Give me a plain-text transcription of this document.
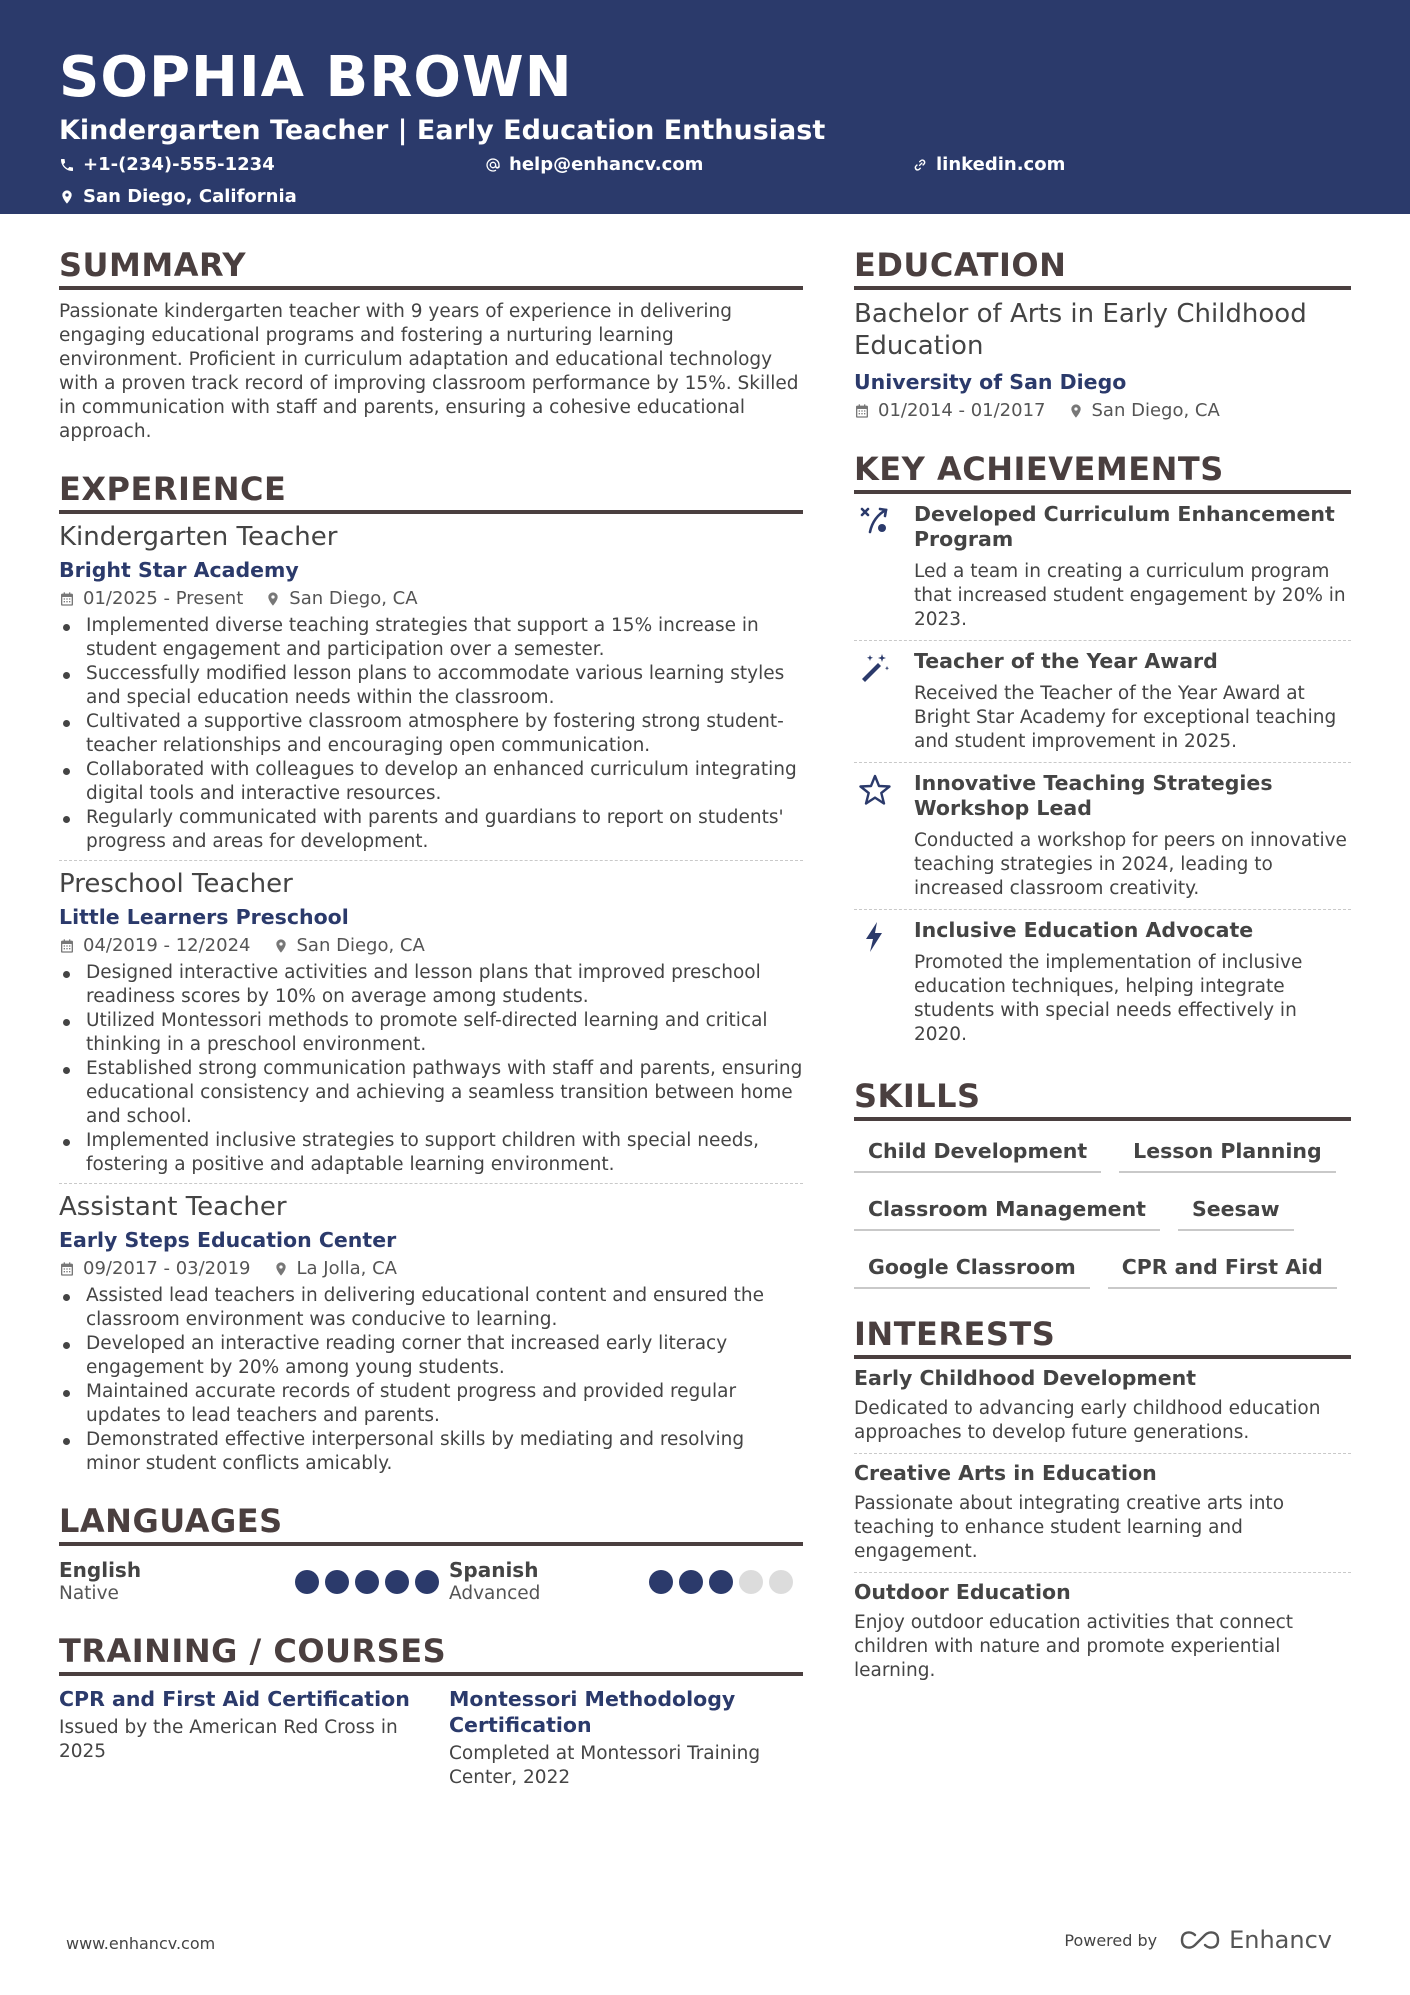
SOPHIA BROWN
Kindergarten Teacher | Early Education Enthusiast
+1-(234)-555-1234	help@enhancv.com	linkedin.com
San Diego, California
SUMMARY
Passionate kindergarten teacher with 9 years of experience in delivering engaging educational programs and fostering a nurturing learning environment. Proficient in curriculum adaptation and educational technology with a proven track record of improving classroom performance by 15%. Skilled in communication with staff and parents, ensuring a cohesive educational approach.
EXPERIENCE
Kindergarten Teacher
Bright Star Academy
01/2025 - Present	San Diego, CA
Implemented diverse teaching strategies that support a 15% increase in student engagement and participation over a semester.
Successfully modified lesson plans to accommodate various learning styles and special education needs within the classroom.
Cultivated a supportive classroom atmosphere by fostering strong student-teacher relationships and encouraging open communication.
Collaborated with colleagues to develop an enhanced curriculum integrating digital tools and interactive resources.
Regularly communicated with parents and guardians to report on students' progress and areas for development.
Preschool Teacher
Little Learners Preschool
04/2019 - 12/2024	San Diego, CA
Designed interactive activities and lesson plans that improved preschool readiness scores by 10% on average among students.
Utilized Montessori methods to promote self-directed learning and critical thinking in a preschool environment.
Established strong communication pathways with staff and parents, ensuring educational consistency and achieving a seamless transition between home and school.
Implemented inclusive strategies to support children with special needs, fostering a positive and adaptable learning environment.
Assistant Teacher
Early Steps Education Center
09/2017 - 03/2019	La Jolla, CA
Assisted lead teachers in delivering educational content and ensured the classroom environment was conducive to learning.
Developed an interactive reading corner that increased early literacy engagement by 20% among young students.
Maintained accurate records of student progress and provided regular updates to lead teachers and parents.
Demonstrated effective interpersonal skills by mediating and resolving minor student conflicts amicably.
LANGUAGES
English
Native
Spanish
Advanced
TRAINING / COURSES
CPR and First Aid Certification
Issued by the American Red Cross in 2025
Montessori Methodology Certification
Completed at Montessori Training Center, 2022
EDUCATION
Bachelor of Arts in Early Childhood Education
University of San Diego
01/2014 - 01/2017	San Diego, CA
KEY ACHIEVEMENTS
Developed Curriculum Enhancement Program
Led a team in creating a curriculum program that increased student engagement by 20% in 2023.
Teacher of the Year Award
Received the Teacher of the Year Award at Bright Star Academy for exceptional teaching and student improvement in 2025.
Innovative Teaching Strategies Workshop Lead
Conducted a workshop for peers on innovative teaching strategies in 2024, leading to increased classroom creativity.
Inclusive Education Advocate
Promoted the implementation of inclusive education techniques, helping integrate students with special needs effectively in 2020.
SKILLS
Child Development	Lesson Planning
Classroom Management	Seesaw
Google Classroom	CPR and First Aid
INTERESTS
Early Childhood Development
Dedicated to advancing early childhood education approaches to develop future generations.
Creative Arts in Education
Passionate about integrating creative arts into teaching to enhance student learning and engagement.
Outdoor Education
Enjoy outdoor education activities that connect children with nature and promote experiential learning.
www.enhancv.com	Powered by	Enhancv
